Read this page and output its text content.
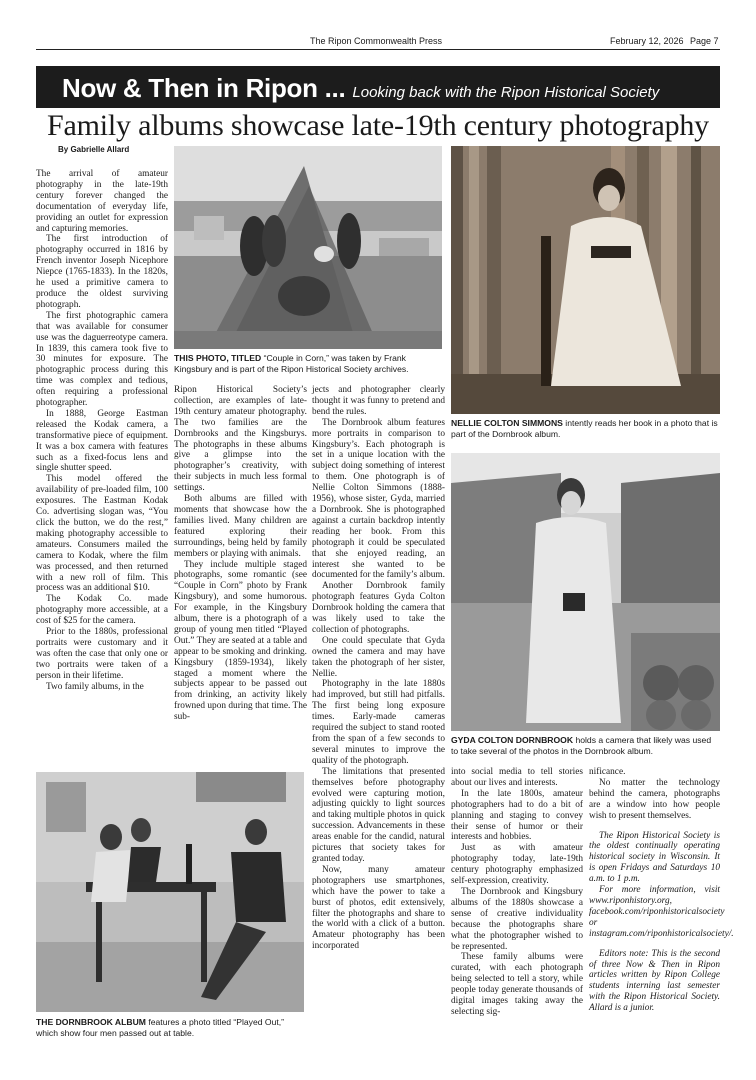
The Ripon Commonwealth Press	February 12, 2026 Page 7
Now & Then in Ripon ... Looking back with the Ripon Historical Society
Family albums showcase late-19th century photography
By Gabrielle Allard

The arrival of amateur photography in the late-19th century forever changed the documentation of everyday life, providing an outlet for expression and capturing memories.

The first introduction of photography occurred in 1816 by French inventor Joseph Nicephore Niepce (1765-1833). In the 1820s, he used a primitive camera to produce the oldest surviving photograph.

The first photographic camera that was available for consumer use was the daguerreotype camera. In 1839, this camera took five to 30 minutes for exposure. The photographic process during this time was complex and tedious, often requiring a professional photographer.

In 1888, George Eastman released the Kodak camera, a transformative piece of equipment. It was a box camera with features such as a fixed-focus lens and single shutter speed.

This model offered the availability of pre-loaded film, 100 exposures. The Eastman Kodak Co. advertising slogan was, “You click the button, we do the rest,” making photography accessible to amateurs. Consumers mailed the camera to Kodak, where the film was processed, and then returned with a new roll of film. This process was an additional $10.

The Kodak Co. made photography more accessible, at a cost of $25 for the camera.

Prior to the 1880s, professional portraits were customary and it was often the case that only one or two portraits were taken of a person in their lifetime.

Two family albums, in the

THIS PHOTO, TITLED “Couple in Corn,” was taken by Frank Kingsbury and is part of the Ripon Historical Society archives.

Ripon Historical Society’s collection, are examples of late-19th century amateur photography. The two families are the Dornbrooks and the Kingsburys. The photographs in these albums give a glimpse into the photographer’s creativity, with their subjects in much less formal settings.

Both albums are filled with moments that showcase how the families lived. Many children are featured exploring their surroundings, being held by family members or playing with animals.

They include multiple staged photographs, some romantic (see “Couple in Corn” photo by Frank Kingsbury), and some humorous. For example, in the Kingsbury album, there is a photograph of a group of young men titled “Played Out.” They are seated at a table and appear to be smoking and drinking. Kingsbury (1859-1934), likely staged a moment where the subjects appear to be passed out from drinking, an activity likely frowned upon during that time. The sub-

jects and photographer clearly thought it was funny to pretend and bend the rules.

The Dornbrook album features more portraits in comparison to Kingsbury’s. Each photograph is set in a unique location with the subject doing something of interest to them. One photograph is of Nellie Colton Simmons (1888-1956), whose sister, Gyda, married a Dornbrook. She is photographed against a curtain backdrop intently reading her book. From this photograph it could be speculated that she enjoyed reading, an interest she wanted to be documented for the family’s album.

Another Dornbrook family photograph features Gyda Colton Dornbrook holding the camera that was likely used to take the collection of photographs.

One could speculate that Gyda owned the camera and may have taken the photograph of her sister, Nellie.

Photography in the late 1880s had improved, but still had pitfalls. The first being long exposure times. Early-made cameras required the subject to stand rooted from the span of a few seconds to several minutes to improve the quality of the photograph.

The limitations that presented themselves before photography evolved were capturing motion, adjusting quickly to light sources and taking multiple photos in quick succession. Advancements in these areas enable for the candid, natural pictures that society takes for granted today.

Now, many amateur photographers use smartphones, which have the power to take a burst of photos, edit extensively, filter the photographs and share to the world with a click of a button. Amateur photography has been incorporated

NELLIE COLTON SIMMONS intently reads her book in a photo that is part of the Dornbrook album.
GYDA COLTON DORNBROOK holds a camera that likely was used to take several of the photos in the Dornbrook album.
THE DORNBROOK ALBUM features a photo titled “Played Out,” which show four men passed out at table.

into social media to tell stories about our lives and interests.

In the late 1800s, amateur photographers had to do a bit of planning and staging to convey their sense of humor or their interests and hobbies.

Just as with amateur photography today, late-19th century photography emphasized self-expression, creativity.

The Dornbrook and Kingsbury albums of the 1880s showcase a sense of creative individuality because the photographs share what the photographer wished to be represented.

These family albums were curated, with each photograph being selected to tell a story, while people today generate thousands of digital images taking away the selecting sig-

nificance.

No matter the technology behind the camera, photographs are a window into how people wish to present themselves.

The Ripon Historical Society is the oldest continually operating historical society in Wisconsin. It is open Fridays and Saturdays 10 a.m. to 1 p.m.

For more information, visit www.riponhistory.org, facebook.com/riponhistoricalsociety or instagram.com/riponhistoricalsociety/.

Editors note: This is the second of three Now & Then in Ripon articles written by Ripon College students interning last semester with the Ripon Historical Society. Allard is a junior.
